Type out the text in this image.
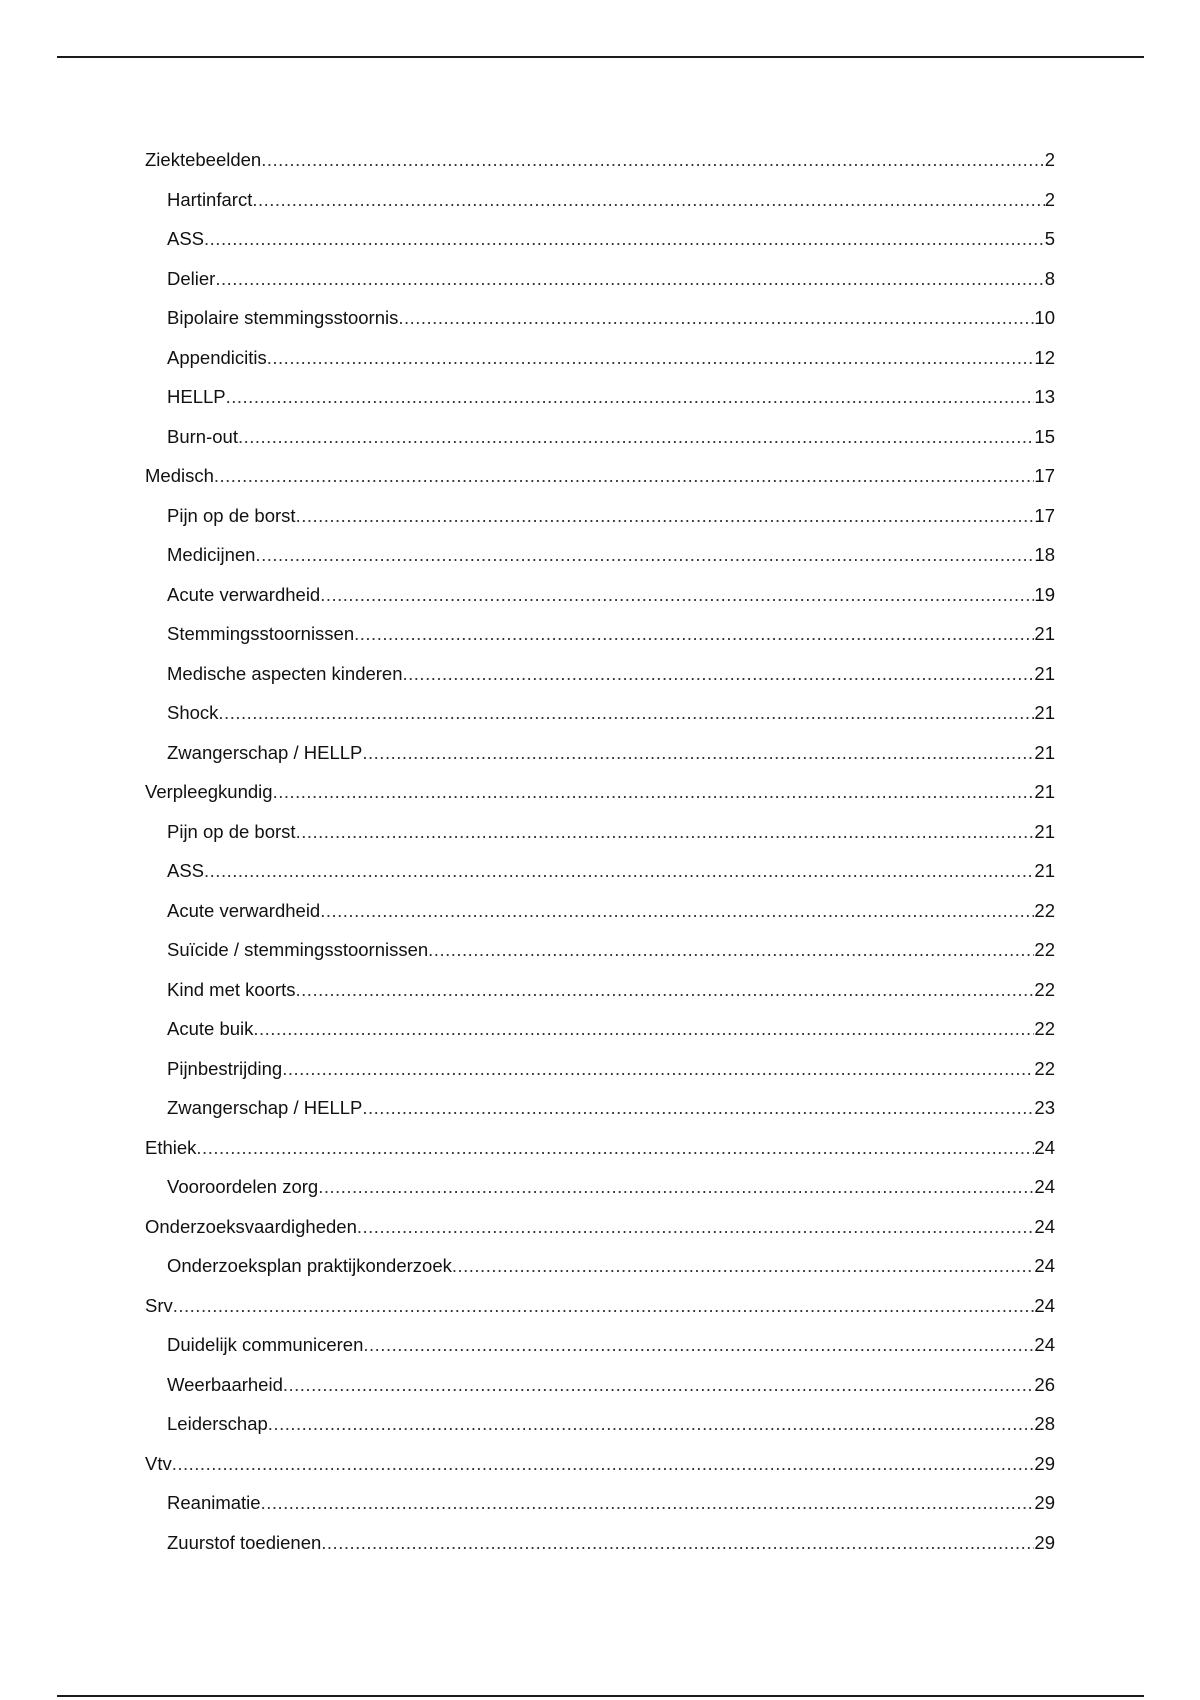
Ziektebeelden .....	2
Hartinfarct .....	2
ASS .....	5
Delier .....	8
Bipolaire stemmingsstoornis .....	10
Appendicitis .....	12
HELLP .....	13
Burn-out .....	15
Medisch .....	17
Pijn op de borst .....	17
Medicijnen .....	18
Acute verwardheid .....	19
Stemmingsstoornissen .....	21
Medische aspecten kinderen .....	21
Shock .....	21
Zwangerschap / HELLP .....	21
Verpleegkundig .....	21
Pijn op de borst .....	21
ASS .....	21
Acute verwardheid .....	22
Suïcide / stemmingsstoornissen .....	22
Kind met koorts .....	22
Acute buik .....	22
Pijnbestrijding .....	22
Zwangerschap / HELLP .....	23
Ethiek .....	24
Vooroordelen zorg .....	24
Onderzoeksvaardigheden .....	24
Onderzoeksplan praktijkonderzoek .....	24
Srv .....	24
Duidelijk communiceren .....	24
Weerbaarheid .....	26
Leiderschap .....	28
Vtv .....	29
Reanimatie .....	29
Zuurstof toedienen .....	29
